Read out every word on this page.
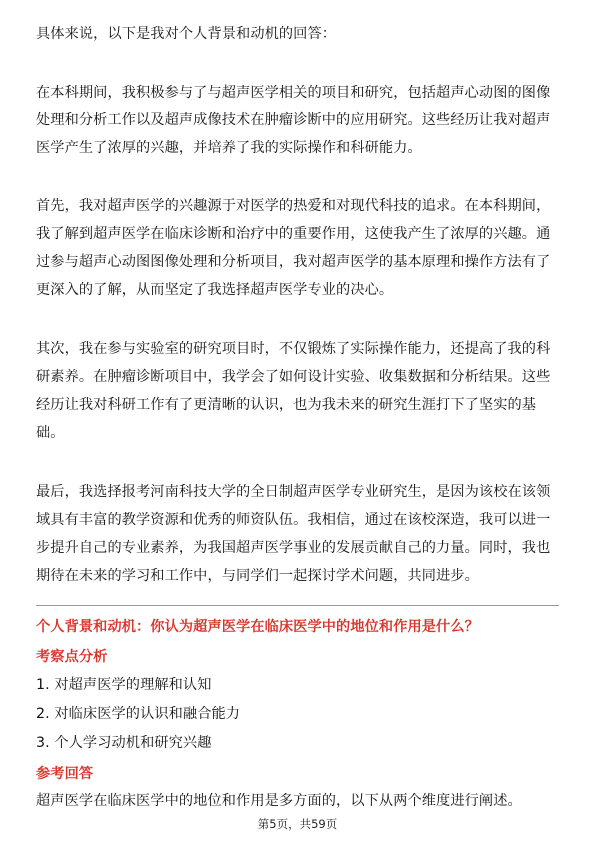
具体来说，以下是我对个人背景和动机的回答：
在本科期间，我积极参与了与超声医学相关的项目和研究，包括超声心动图的图像
处理和分析工作以及超声成像技术在肿瘤诊断中的应用研究。这些经历让我对超声
医学产生了浓厚的兴趣，并培养了我的实际操作和科研能力。
首先，我对超声医学的兴趣源于对医学的热爱和对现代科技的追求。在本科期间，
我了解到超声医学在临床诊断和治疗中的重要作用，这使我产生了浓厚的兴趣。通
过参与超声心动图图像处理和分析项目，我对超声医学的基本原理和操作方法有了
更深入的了解，从而坚定了我选择超声医学专业的决心。
其次，我在参与实验室的研究项目时，不仅锻炼了实际操作能力，还提高了我的科
研素养。在肿瘤诊断项目中，我学会了如何设计实验、收集数据和分析结果。这些
经历让我对科研工作有了更清晰的认识，也为我未来的研究生涯打下了坚实的基
础。
最后，我选择报考河南科技大学的全日制超声医学专业研究生，是因为该校在该领
域具有丰富的教学资源和优秀的师资队伍。我相信，通过在该校深造，我可以进一
步提升自己的专业素养，为我国超声医学事业的发展贡献自己的力量。同时，我也
期待在未来的学习和工作中，与同学们一起探讨学术问题，共同进步。
个人背景和动机：你认为超声医学在临床医学中的地位和作用是什么？
考察点分析
1. 对超声医学的理解和认知
2. 对临床医学的认识和融合能力
3. 个人学习动机和研究兴趣
参考回答
超声医学在临床医学中的地位和作用是多方面的，以下从两个维度进行阐述。
第5页，共59页
